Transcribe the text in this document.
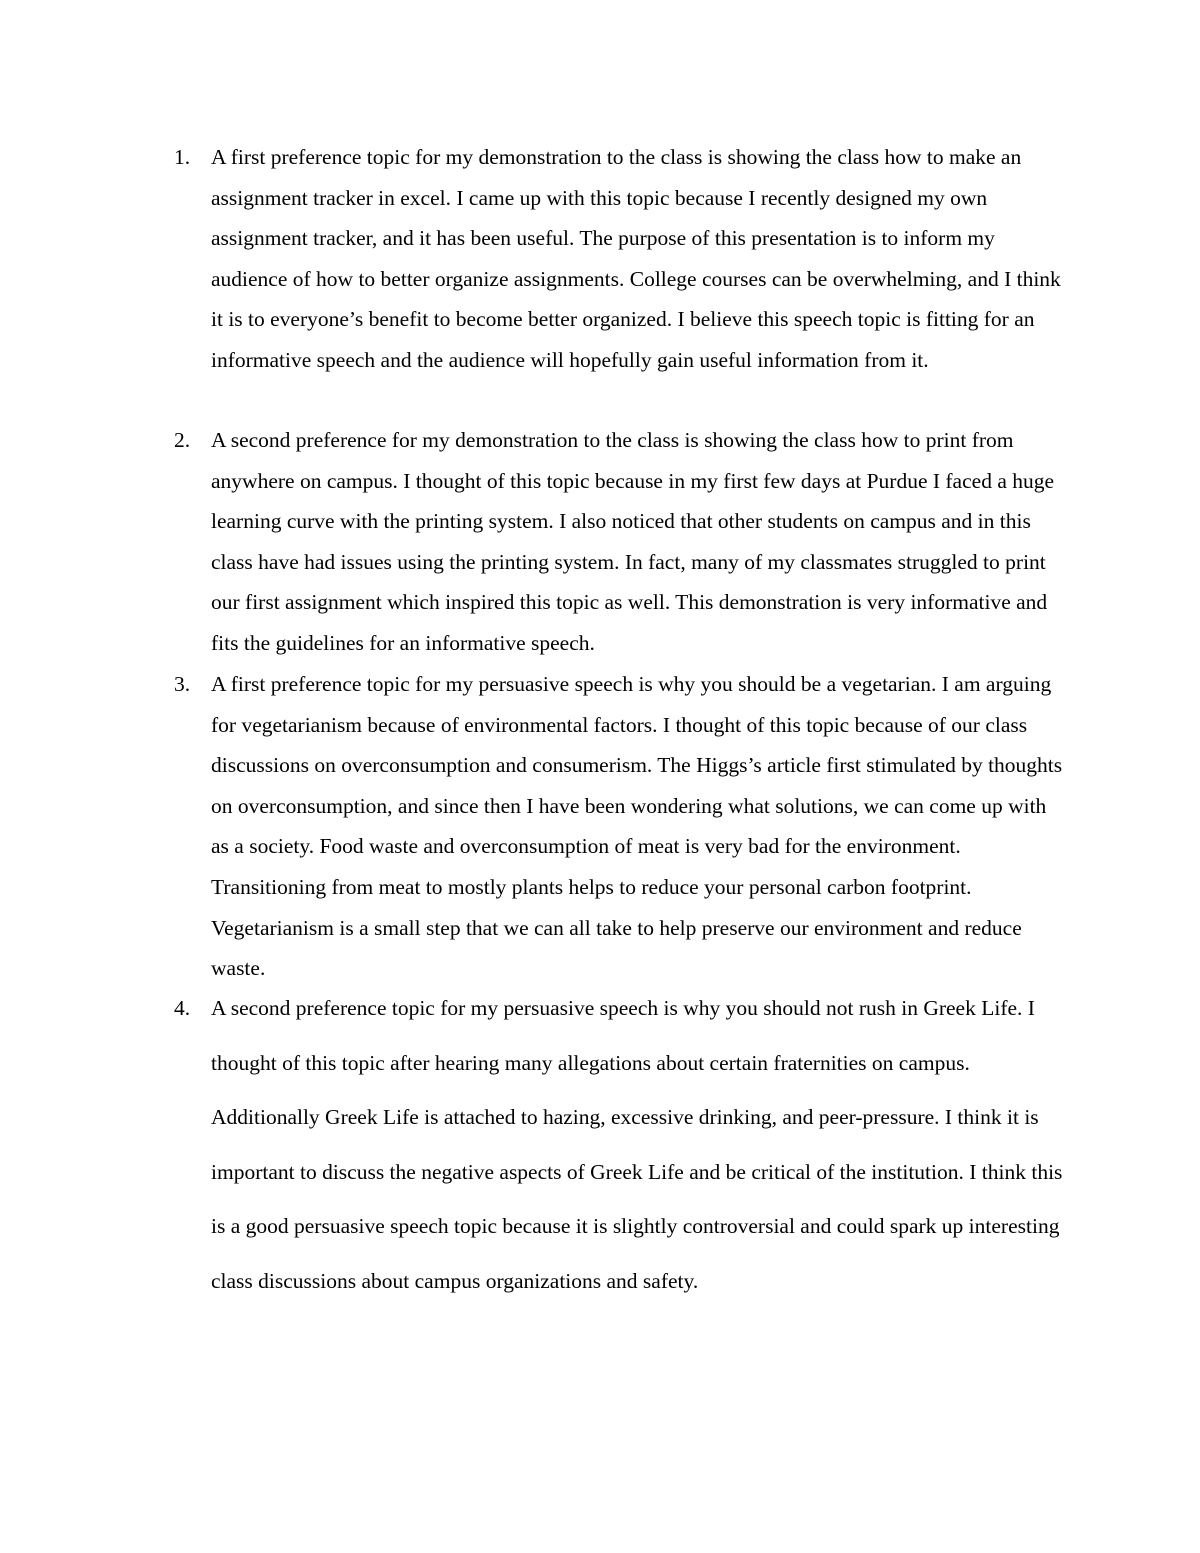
1. A first preference topic for my demonstration to the class is showing the class how to make an assignment tracker in excel. I came up with this topic because I recently designed my own assignment tracker, and it has been useful. The purpose of this presentation is to inform my audience of how to better organize assignments. College courses can be overwhelming, and I think it is to everyone’s benefit to become better organized. I believe this speech topic is fitting for an informative speech and the audience will hopefully gain useful information from it.

2. A second preference for my demonstration to the class is showing the class how to print from anywhere on campus. I thought of this topic because in my first few days at Purdue I faced a huge learning curve with the printing system. I also noticed that other students on campus and in this class have had issues using the printing system. In fact, many of my classmates struggled to print our first assignment which inspired this topic as well. This demonstration is very informative and fits the guidelines for an informative speech.

3. A first preference topic for my persuasive speech is why you should be a vegetarian. I am arguing for vegetarianism because of environmental factors. I thought of this topic because of our class discussions on overconsumption and consumerism. The Higgs’s article first stimulated by thoughts on overconsumption, and since then I have been wondering what solutions, we can come up with as a society. Food waste and overconsumption of meat is very bad for the environment. Transitioning from meat to mostly plants helps to reduce your personal carbon footprint. Vegetarianism is a small step that we can all take to help preserve our environment and reduce waste.

4. A second preference topic for my persuasive speech is why you should not rush in Greek Life. I thought of this topic after hearing many allegations about certain fraternities on campus. Additionally Greek Life is attached to hazing, excessive drinking, and peer-pressure. I think it is important to discuss the negative aspects of Greek Life and be critical of the institution. I think this is a good persuasive speech topic because it is slightly controversial and could spark up interesting class discussions about campus organizations and safety.
